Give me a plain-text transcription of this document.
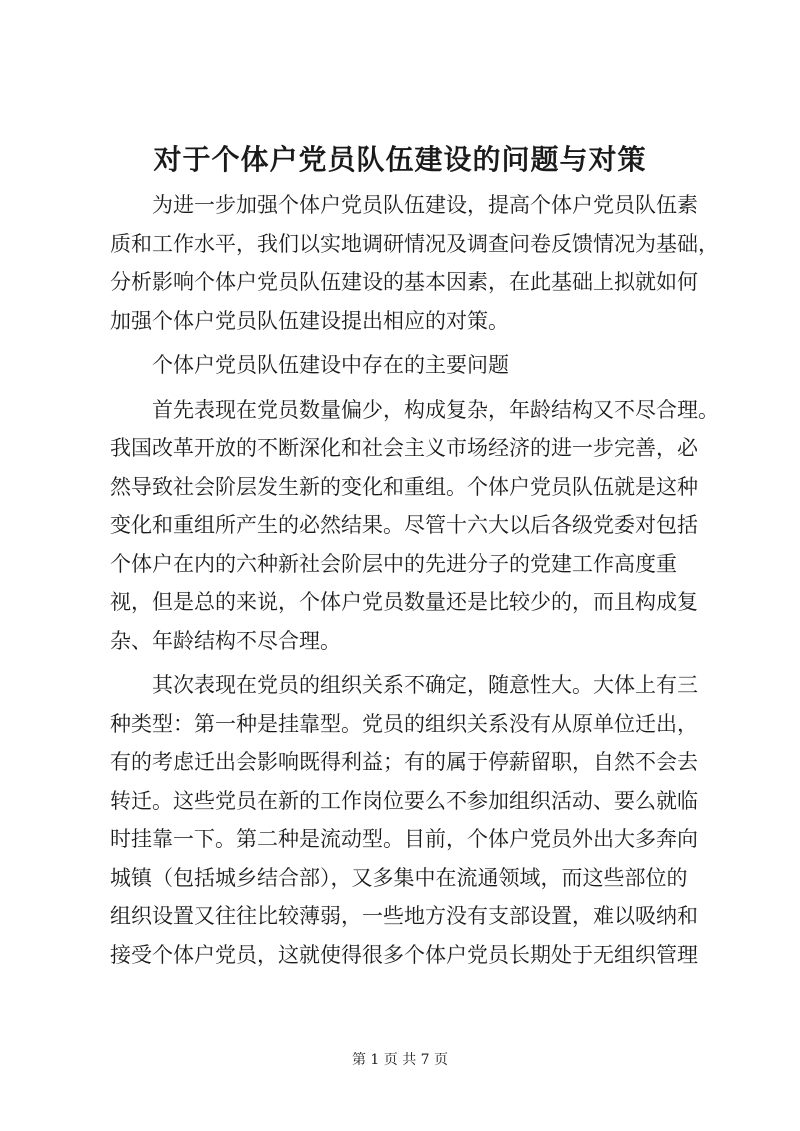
对于个体户党员队伍建设的问题与对策

为进一步加强个体户党员队伍建设，提高个体户党员队伍素
质和工作水平，我们以实地调研情况及调查问卷反馈情况为基础，
分析影响个体户党员队伍建设的基本因素，在此基础上拟就如何
加强个体户党员队伍建设提出相应的对策。

个体户党员队伍建设中存在的主要问题

首先表现在党员数量偏少，构成复杂，年龄结构又不尽合理。
我国改革开放的不断深化和社会主义市场经济的进一步完善，必
然导致社会阶层发生新的变化和重组。个体户党员队伍就是这种
变化和重组所产生的必然结果。尽管十六大以后各级党委对包括
个体户在内的六种新社会阶层中的先进分子的党建工作高度重
视，但是总的来说，个体户党员数量还是比较少的，而且构成复
杂、年龄结构不尽合理。

其次表现在党员的组织关系不确定，随意性大。大体上有三
种类型：第一种是挂靠型。党员的组织关系没有从原单位迁出，
有的考虑迁出会影响既得利益；有的属于停薪留职，自然不会去
转迁。这些党员在新的工作岗位要么不参加组织活动、要么就临
时挂靠一下。第二种是流动型。目前，个体户党员外出大多奔向
城镇（包括城乡结合部），又多集中在流通领域，而这些部位的
组织设置又往往比较薄弱，一些地方没有支部设置，难以吸纳和
接受个体户党员，这就使得很多个体户党员长期处于无组织管理

第 1 页 共 7 页
